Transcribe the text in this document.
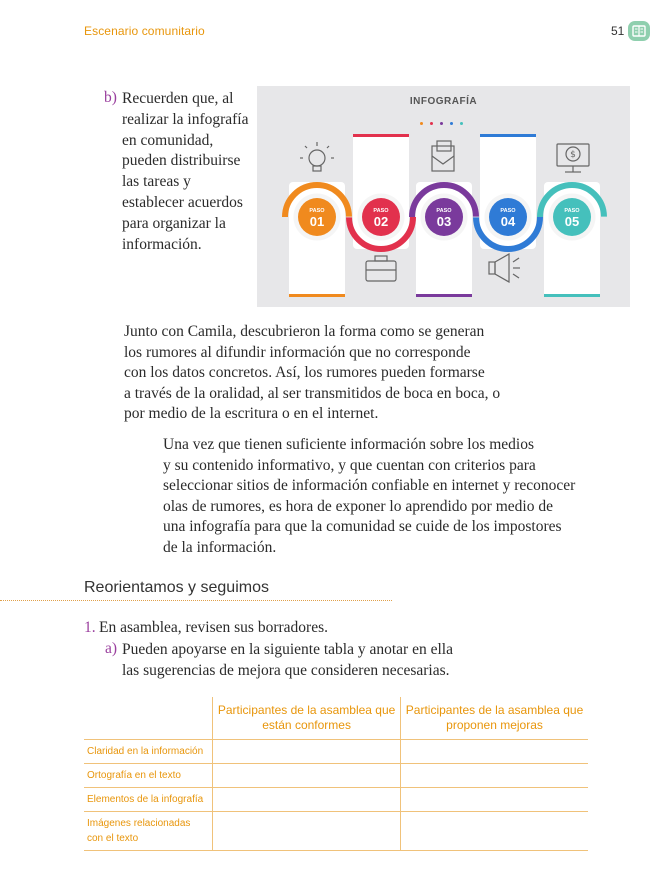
Escenario comunitario	51
b) Recuerden que, al
realizar la infografía
en comunidad,
pueden distribuirse
las tareas y
establecer acuerdos
para organizar la
información.
INFOGRAFÍA
$
PASO
01
PASO
02
PASO
03
PASO
04
PASO
05
Junto con Camila, descubrieron la forma como se generan
los rumores al difundir información que no corresponde
con los datos concretos. Así, los rumores pueden formarse
a través de la oralidad, al ser transmitidos de boca en boca, o
por medio de la escritura o en el internet.
Una vez que tienen suficiente información sobre los medios
y su contenido informativo, y que cuentan con criterios para
seleccionar sitios de información confiable en internet y reconocer
olas de rumores, es hora de exponer lo aprendido por medio de
una infografía para que la comunidad se cuide de los impostores
de la información.
Reorientamos y seguimos
1. En asamblea, revisen sus borradores.
a) Pueden apoyarse en la siguiente tabla y anotar en ella
las sugerencias de mejora que consideren necesarias.
	Participantes de la asamblea que están conformes	Participantes de la asamblea que proponen mejoras
Claridad en la información		
Ortografía en el texto		
Elementos de la infografía		
Imágenes relacionadas con el texto		
